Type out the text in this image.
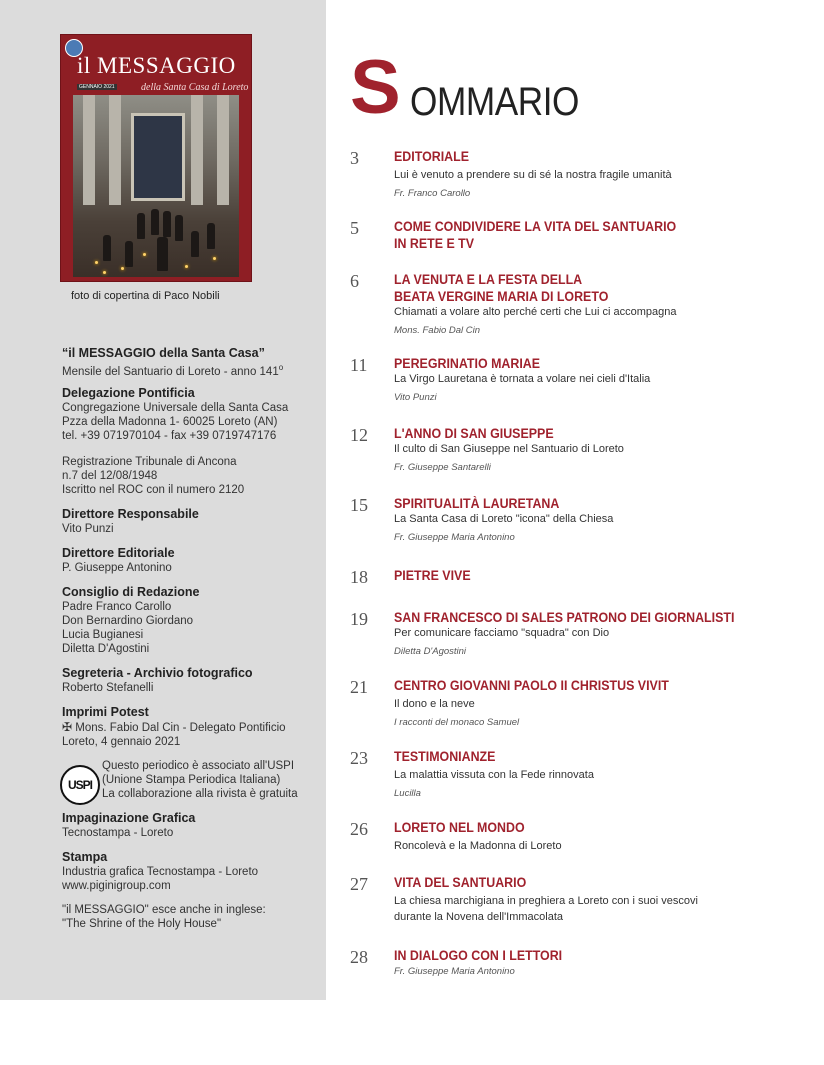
il MESSAGGIO
GENNAIO 2021	della Santa Casa di Loreto
foto di copertina di Paco Nobili
“il MESSAGGIO della Santa Casa”
Mensile del Santuario di Loreto - anno 141$^o$
Delegazione Pontificia
Congregazione Universale della Santa Casa
Pzza della Madonna 1- 60025 Loreto (AN)
tel. +39 071970104 - fax +39 0719747176
Registrazione Tribunale di Ancona
n.7 del 12/08/1948
Iscritto nel ROC con il numero 2120
Direttore Responsabile
Vito Punzi
Direttore Editoriale
P. Giuseppe Antonino
Consiglio di Redazione
Padre Franco Carollo
Don Bernardino Giordano
Lucia Bugianesi
Diletta D'Agostini
Segreteria - Archivio fotografico
Roberto Stefanelli
Imprimi Potest
✠ Mons. Fabio Dal Cin - Delegato Pontificio
Loreto, 4 gennaio 2021
USPI
Questo periodico è associato all'USPI
(Unione Stampa Periodica Italiana)
La collaborazione alla rivista è gratuita
Impaginazione Grafica
Tecnostampa - Loreto
Stampa
Industria grafica Tecnostampa - Loreto
www.piginigroup.com
"il MESSAGGIO" esce anche in inglese:
"The Shrine of the Holy House"
S OMMARIO
3	EDITORIALE
Lui è venuto a prendere su di sé la nostra fragile umanità
Fr. Franco Carollo
5	COME CONDIVIDERE LA VITA DEL SANTUARIO
IN RETE E TV
6	LA VENUTA E LA FESTA DELLA
BEATA VERGINE MARIA DI LORETO
Chiamati a volare alto perché certi che Lui ci accompagna
Mons. Fabio Dal Cin
11	PEREGRINATIO MARIAE
La Virgo Lauretana è tornata a volare nei cieli d'Italia
Vito Punzi
12	L'ANNO DI SAN GIUSEPPE
Il culto di San Giuseppe nel Santuario di Loreto
Fr. Giuseppe Santarelli
15	SPIRITUALITÀ LAURETANA
La Santa Casa di Loreto "icona" della Chiesa
Fr. Giuseppe Maria Antonino
18	PIETRE VIVE
19	SAN FRANCESCO DI SALES PATRONO DEI GIORNALISTI
Per comunicare facciamo "squadra" con Dio
Diletta D'Agostini
21	CENTRO GIOVANNI PAOLO II CHRISTUS VIVIT
Il dono e la neve
I racconti del monaco Samuel
23	TESTIMONIANZE
La malattia vissuta con la Fede rinnovata
Lucilla
26	LORETO NEL MONDO
Roncolevà e la Madonna di Loreto
27	VITA DEL SANTUARIO
La chiesa marchigiana in preghiera a Loreto con i suoi vescovi
durante la Novena dell'Immacolata
28	IN DIALOGO CON I LETTORI
Fr. Giuseppe Maria Antonino
